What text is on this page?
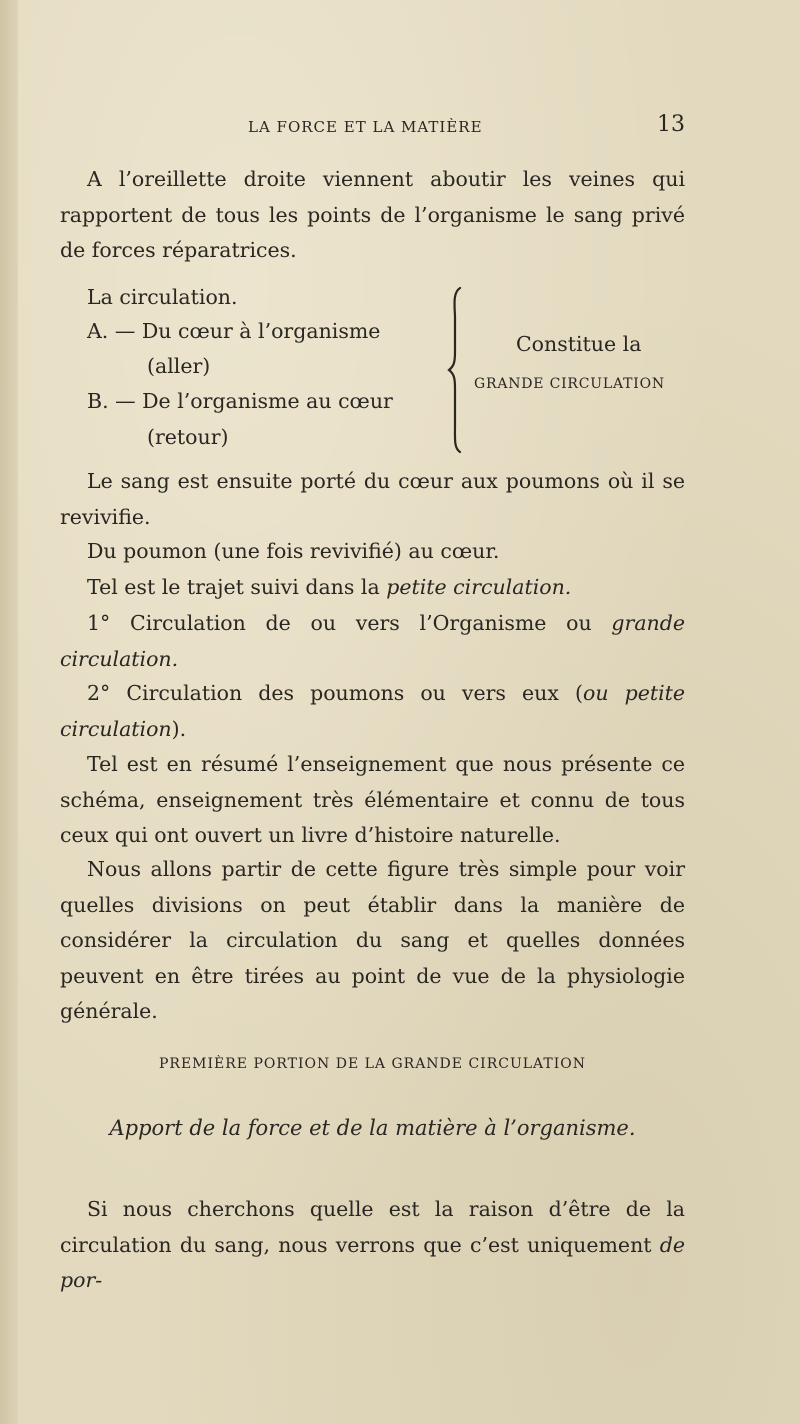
LA FORCE ET LA MATIÈRE	13

A l’oreillette droite viennent aboutir les veines qui rapportent de tous les points de l’organisme le sang privé de forces réparatrices.

La circulation.
A. — Du cœur à l’organisme
(aller)
B. — De l’organisme au cœur
(retour)
Constitue la
GRANDE CIRCULATION

Le sang est ensuite porté du cœur aux poumons où il se revivifie.

Du poumon (une fois revivifié) au cœur.
Tel est le trajet suivi dans la petite circulation.

1° Circulation de ou vers l’Organisme ou grande circulation.

2° Circulation des poumons ou vers eux (ou petite circulation).

Tel est en résumé l’enseignement que nous présente ce schéma, enseignement très élémentaire et connu de tous ceux qui ont ouvert un livre d’histoire naturelle.

Nous allons partir de cette figure très simple pour voir quelles divisions on peut établir dans la manière de considérer la circulation du sang et quelles données peuvent en être tirées au point de vue de la physiologie générale.

PREMIÈRE PORTION DE LA GRANDE CIRCULATION
Apport de la force et de la matière à l’organisme.

Si nous cherchons quelle est la raison d’être de la circulation du sang, nous verrons que c’est uniquement de por-
